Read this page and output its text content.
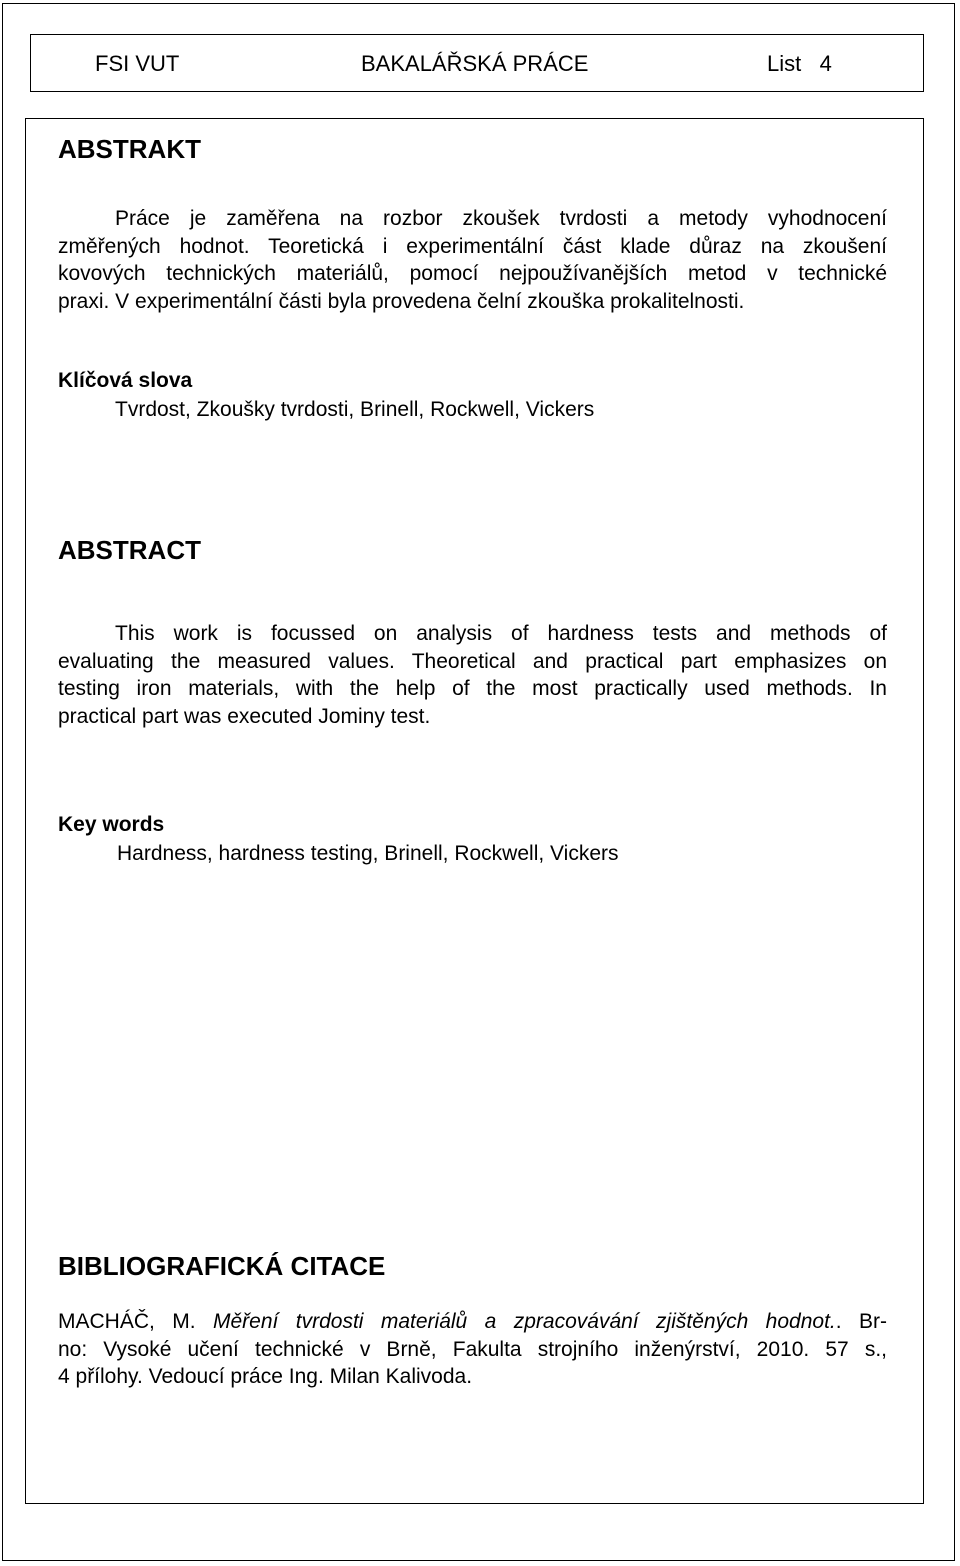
FSI VUT	BAKALÁŘSKÁ PRÁCE	List   4
ABSTRAKT
Práce je zaměřena na rozbor zkoušek tvrdosti a metody vyhodnocení
změřených hodnot. Teoretická i experimentální část klade důraz na zkoušení
kovových technických materiálů, pomocí nejpoužívanějších metod v technické
praxi. V experimentální části byla provedena čelní zkouška prokalitelnosti.
Klíčová slova
Tvrdost, Zkoušky tvrdosti, Brinell, Rockwell, Vickers
ABSTRACT
This work is focussed on analysis of hardness tests and methods of
evaluating the measured values. Theoretical and practical part emphasizes on
testing iron materials, with the help of the most practically used methods. In
practical part was executed Jominy test.
Key words
Hardness, hardness testing, Brinell, Rockwell, Vickers
BIBLIOGRAFICKÁ CITACE
MACHÁČ, M. Měření tvrdosti materiálů a zpracovávání zjištěných hodnot.. Br-
no: Vysoké učení technické v Brně, Fakulta strojního inženýrství, 2010. 57 s.,
4 přílohy. Vedoucí práce Ing. Milan Kalivoda.
